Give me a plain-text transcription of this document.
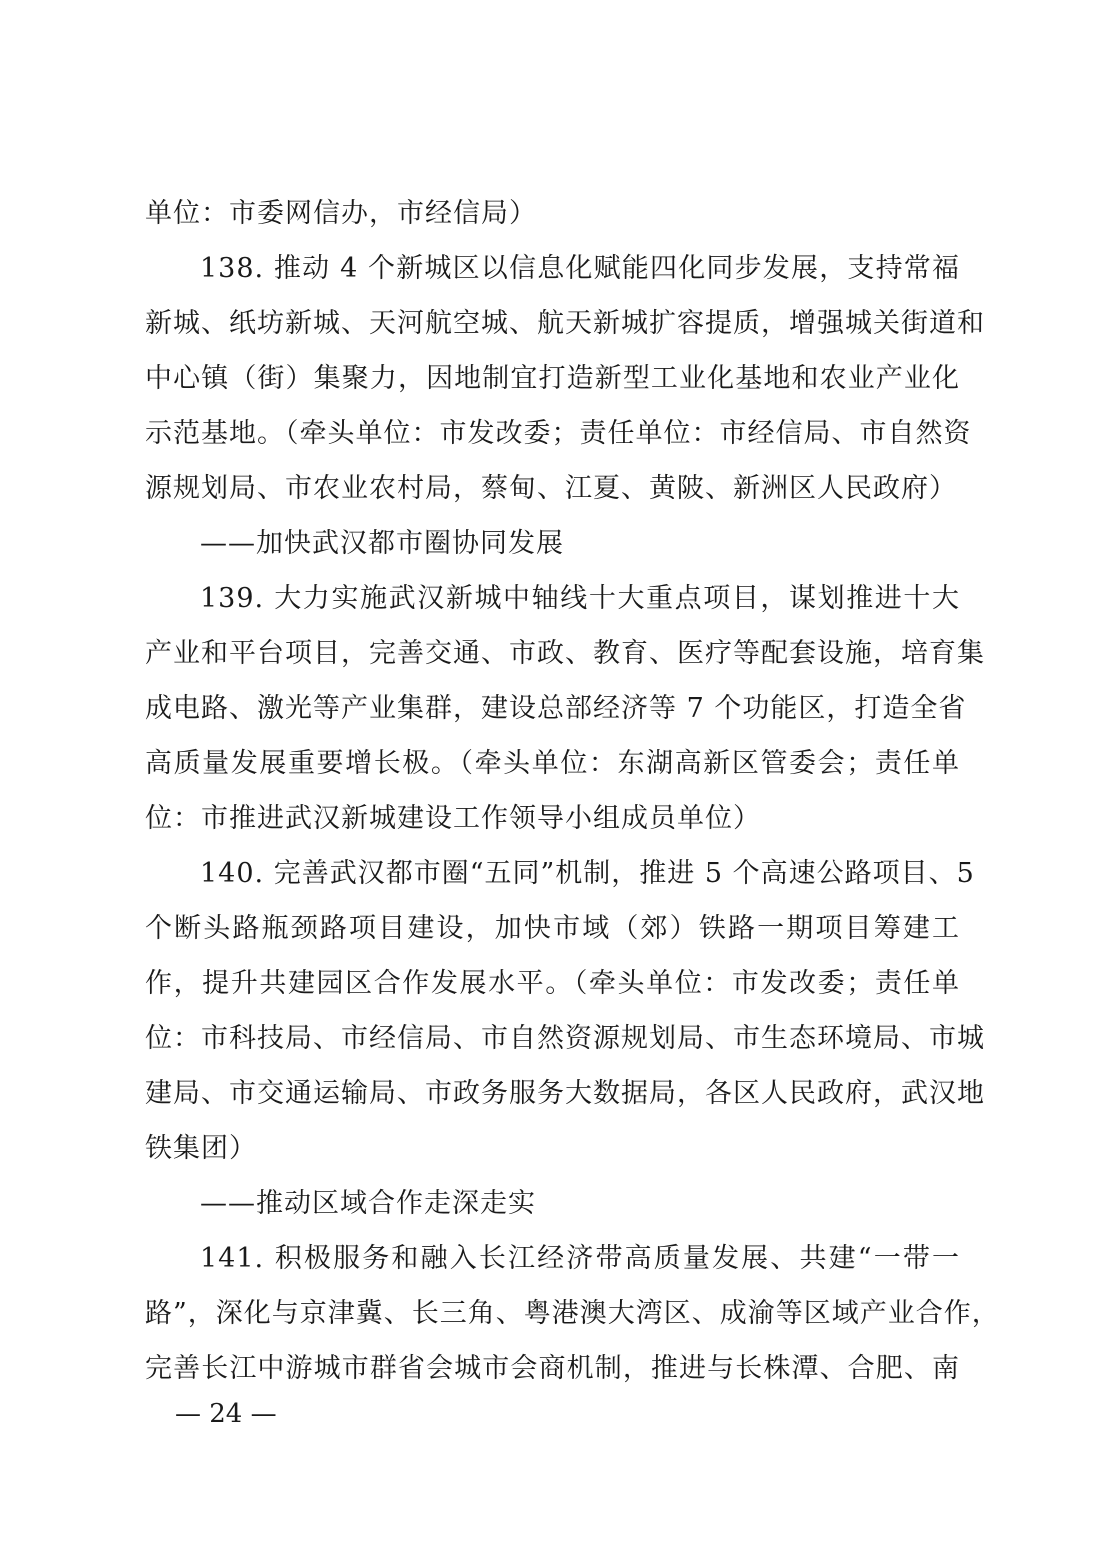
单位：市委网信办，市经信局）
138. 推动 4 个新城区以信息化赋能四化同步发展，支持常福
新城、纸坊新城、天河航空城、航天新城扩容提质，增强城关街道和
中心镇（街）集聚力，因地制宜打造新型工业化基地和农业产业化
示范基地。（牵头单位：市发改委；责任单位：市经信局、市自然资
源规划局、市农业农村局，蔡甸、江夏、黄陂、新洲区人民政府）
——加快武汉都市圈协同发展
139. 大力实施武汉新城中轴线十大重点项目，谋划推进十大
产业和平台项目，完善交通、市政、教育、医疗等配套设施，培育集
成电路、激光等产业集群，建设总部经济等 7 个功能区，打造全省
高质量发展重要增长极。（牵头单位：东湖高新区管委会；责任单
位：市推进武汉新城建设工作领导小组成员单位）
140. 完善武汉都市圈“五同”机制，推进 5 个高速公路项目、5
个断头路瓶颈路项目建设，加快市域（郊）铁路一期项目筹建工
作，提升共建园区合作发展水平。（牵头单位：市发改委；责任单
位：市科技局、市经信局、市自然资源规划局、市生态环境局、市城
建局、市交通运输局、市政务服务大数据局，各区人民政府，武汉地
铁集团）
——推动区域合作走深走实
141. 积极服务和融入长江经济带高质量发展、共建“一带一
路”，深化与京津冀、长三角、粤港澳大湾区、成渝等区域产业合作，
完善长江中游城市群省会城市会商机制，推进与长株潭、合肥、南
— 24 —
